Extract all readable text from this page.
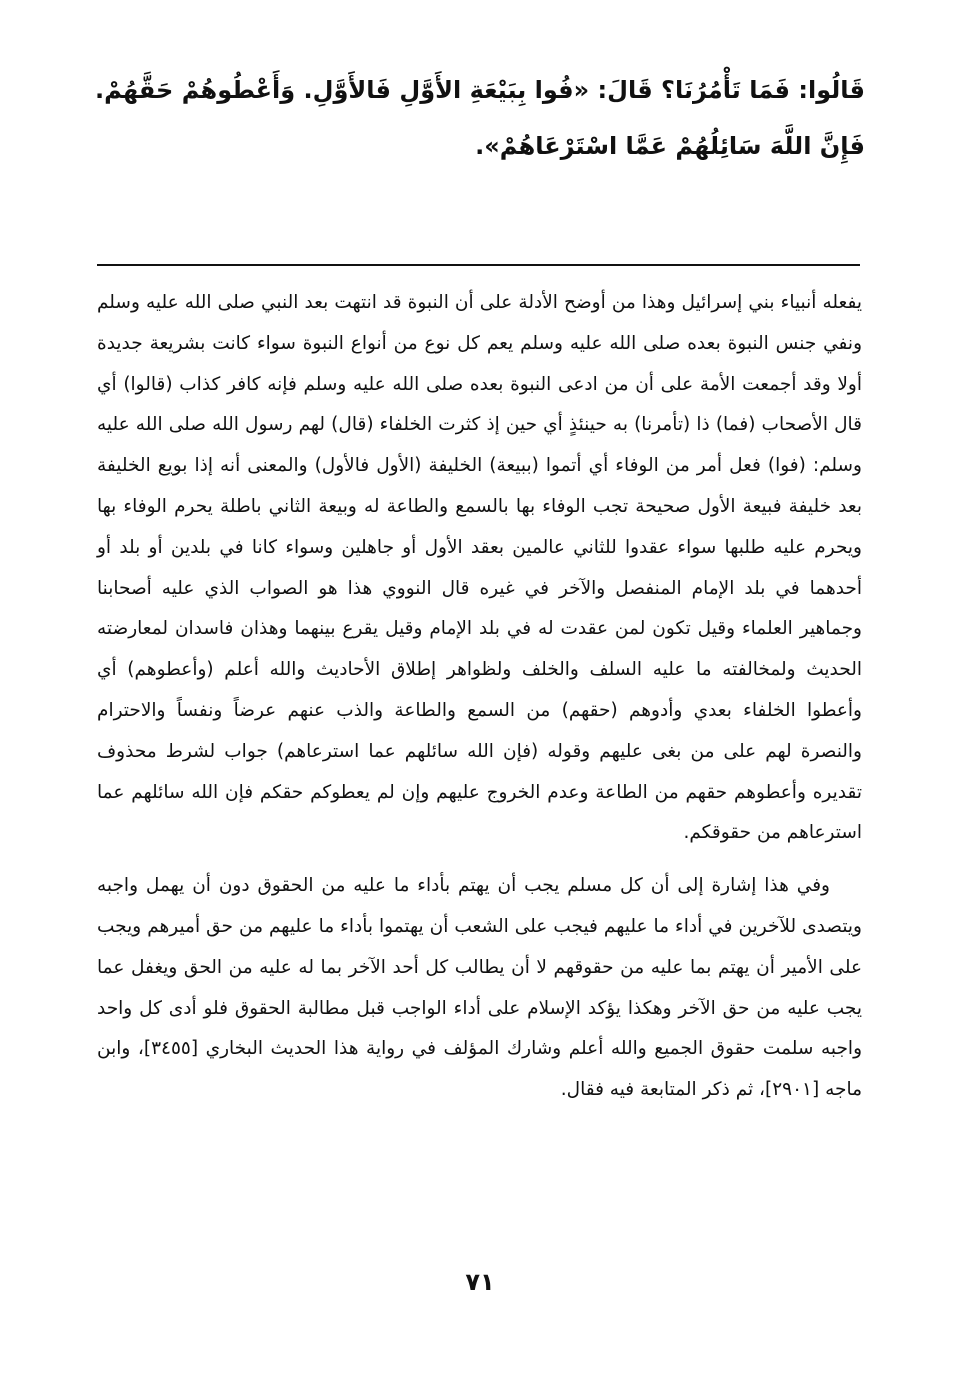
قَالُوا: فَمَا تَأْمُرُنَا؟ قَالَ: «فُوا بِبَيْعَةِ الأَوَّلِ فَالأَوَّلِ. وَأَعْطُوهُمْ حَقَّهُمْ. فَإِنَّ اللَّهَ سَائِلُهُمْ عَمَّا اسْتَرْعَاهُمْ».

يفعله أنبياء بني إسرائيل وهذا من أوضح الأدلة على أن النبوة قد انتهت بعد النبي صلى الله عليه وسلم ونفي جنس النبوة بعده صلى الله عليه وسلم يعم كل نوع من أنواع النبوة سواء كانت بشريعة جديدة أولا وقد أجمعت الأمة على أن من ادعى النبوة بعده صلى الله عليه وسلم فإنه كافر كذاب (قالوا) أي قال الأصحاب (فما) ذا (تأمرنا) به حينئذٍ أي حين إذ كثرت الخلفاء (قال) لهم رسول الله صلى الله عليه وسلم: (فوا) فعل أمر من الوفاء أي أتموا (ببيعة) الخليفة (الأول فالأول) والمعنى أنه إذا بويع الخليفة بعد خليفة فبيعة الأول صحيحة تجب الوفاء بها بالسمع والطاعة له وبيعة الثاني باطلة يحرم الوفاء بها ويحرم عليه طلبها سواء عقدوا للثاني عالمين بعقد الأول أو جاهلين وسواء كانا في بلدين أو بلد أو أحدهما في بلد الإمام المنفصل والآخر في غيره قال النووي هذا هو الصواب الذي عليه أصحابنا وجماهير العلماء وقيل تكون لمن عقدت له في بلد الإمام وقيل يقرع بينهما وهذان فاسدان لمعارضته الحديث ولمخالفته ما عليه السلف والخلف ولظواهر إطلاق الأحاديث والله أعلم (وأعطوهم) أي وأعطوا الخلفاء بعدي وأدوهم (حقهم) من السمع والطاعة والذب عنهم عرضاً ونفساً والاحترام والنصرة لهم على من بغى عليهم وقوله (فإن الله سائلهم عما استرعاهم) جواب لشرط محذوف تقديره وأعطوهم حقهم من الطاعة وعدم الخروج عليهم وإن لم يعطوكم حقكم فإن الله سائلهم عما استرعاهم من حقوقكم.

وفي هذا إشارة إلى أن كل مسلم يجب أن يهتم بأداء ما عليه من الحقوق دون أن يهمل واجبه ويتصدى للآخرين في أداء ما عليهم فيجب على الشعب أن يهتموا بأداء ما عليهم من حق أميرهم ويجب على الأمير أن يهتم بما عليه من حقوقهم لا أن يطالب كل أحد الآخر بما له عليه من الحق ويغفل عما يجب عليه من حق الآخر وهكذا يؤكد الإسلام على أداء الواجب قبل مطالبة الحقوق فلو أدى كل واحد واجبه سلمت حقوق الجميع والله أعلم وشارك المؤلف في رواية هذا الحديث البخاري [٣٤٥٥]، وابن ماجه [٢٩٠١]، ثم ذكر المتابعة فيه فقال.

٧١
